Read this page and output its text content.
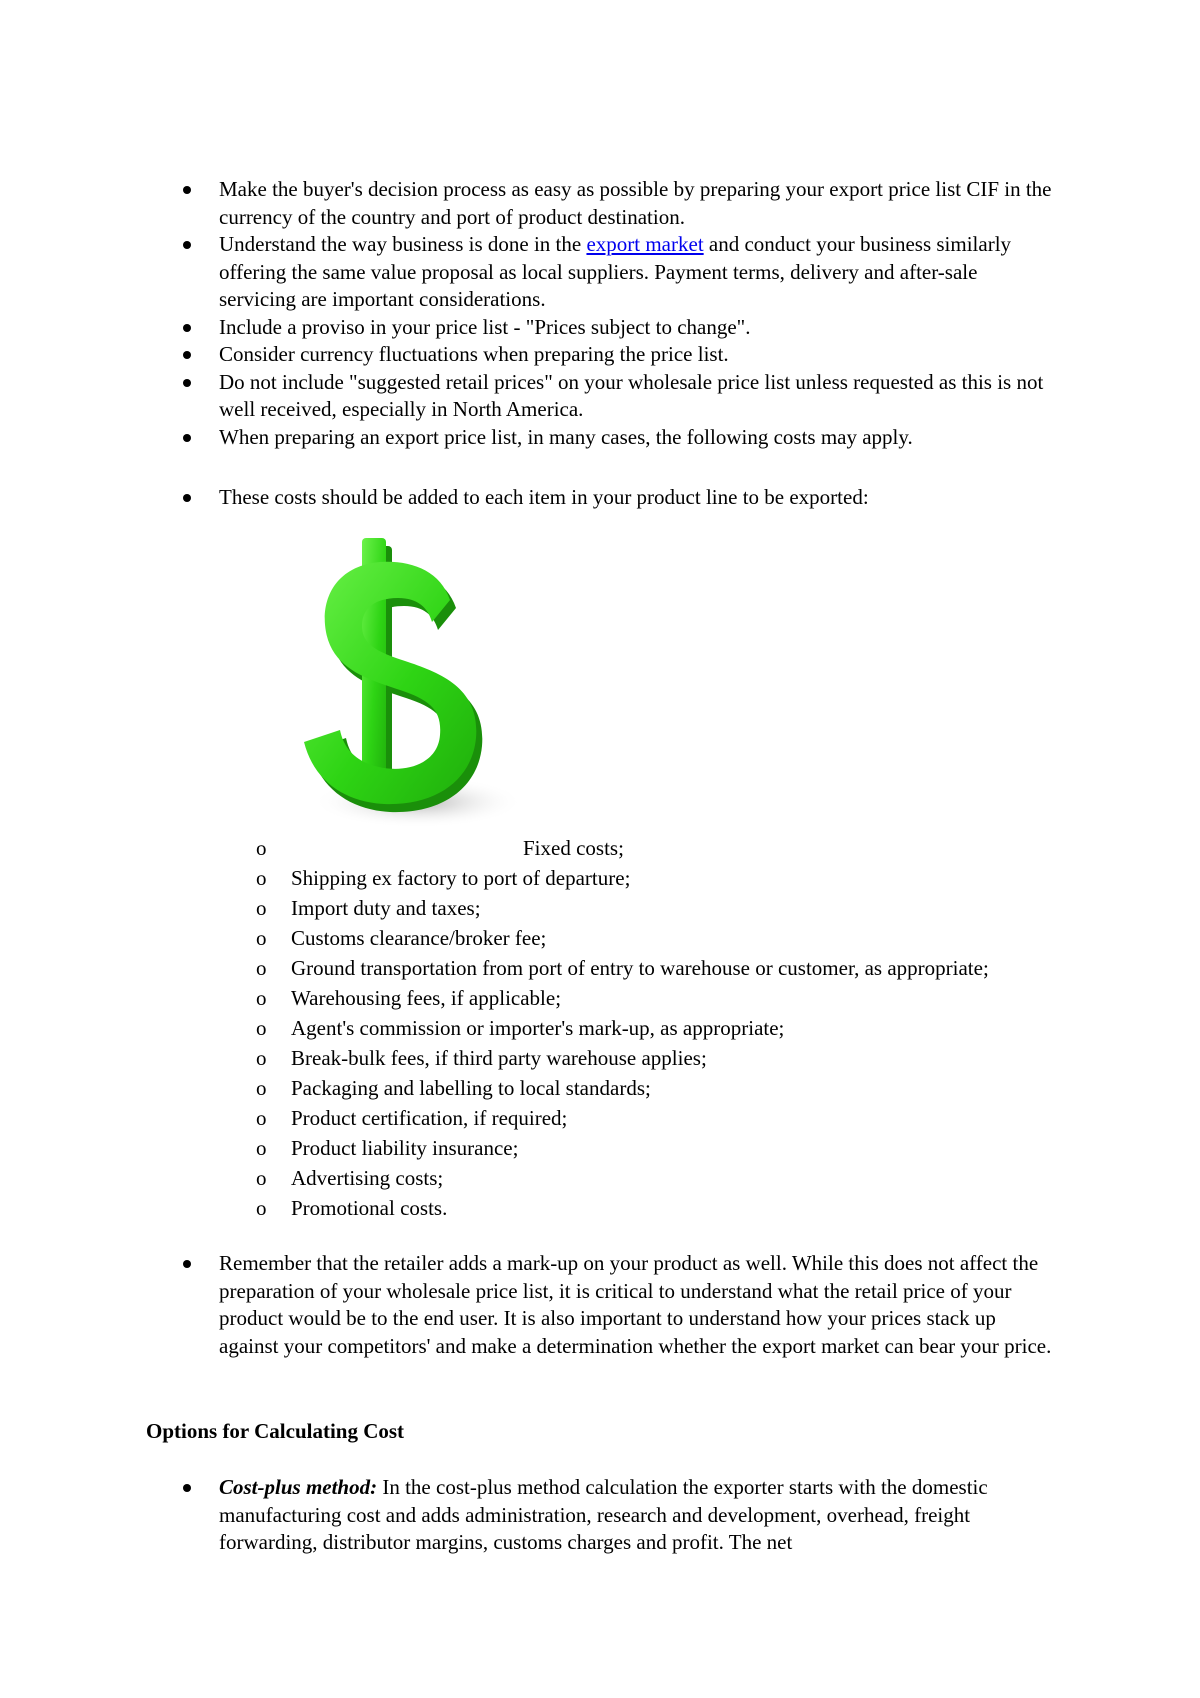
Make the buyer's decision process as easy as possible by preparing your export price list CIF in the currency of the country and port of product destination.
Understand the way business is done in the export market and conduct your business similarly offering the same value proposal as local suppliers. Payment terms, delivery and after-sale servicing are important considerations.
Include a proviso in your price list - "Prices subject to change".
Consider currency fluctuations when preparing the price list.
Do not include "suggested retail prices" on your wholesale price list unless requested as this is not well received, especially in North America.
When preparing an export price list, in many cases, the following costs may apply.
These costs should be added to each item in your product line to be exported:
o	Fixed costs;
o Shipping ex factory to port of departure;
o Import duty and taxes;
o Customs clearance/broker fee;
o Ground transportation from port of entry to warehouse or customer, as appropriate;
o Warehousing fees, if applicable;
o Agent's commission or importer's mark-up, as appropriate;
o Break-bulk fees, if third party warehouse applies;
o Packaging and labelling to local standards;
o Product certification, if required;
o Product liability insurance;
o Advertising costs;
o Promotional costs.
Remember that the retailer adds a mark-up on your product as well. While this does not affect the preparation of your wholesale price list, it is critical to understand what the retail price of your product would be to the end user. It is also important to understand how your prices stack up against your competitors' and make a determination whether the export market can bear your price.
Options for Calculating Cost
Cost-plus method: In the cost-plus method calculation the exporter starts with the domestic manufacturing cost and adds administration, research and development, overhead, freight forwarding, distributor margins, customs charges and profit. The net
